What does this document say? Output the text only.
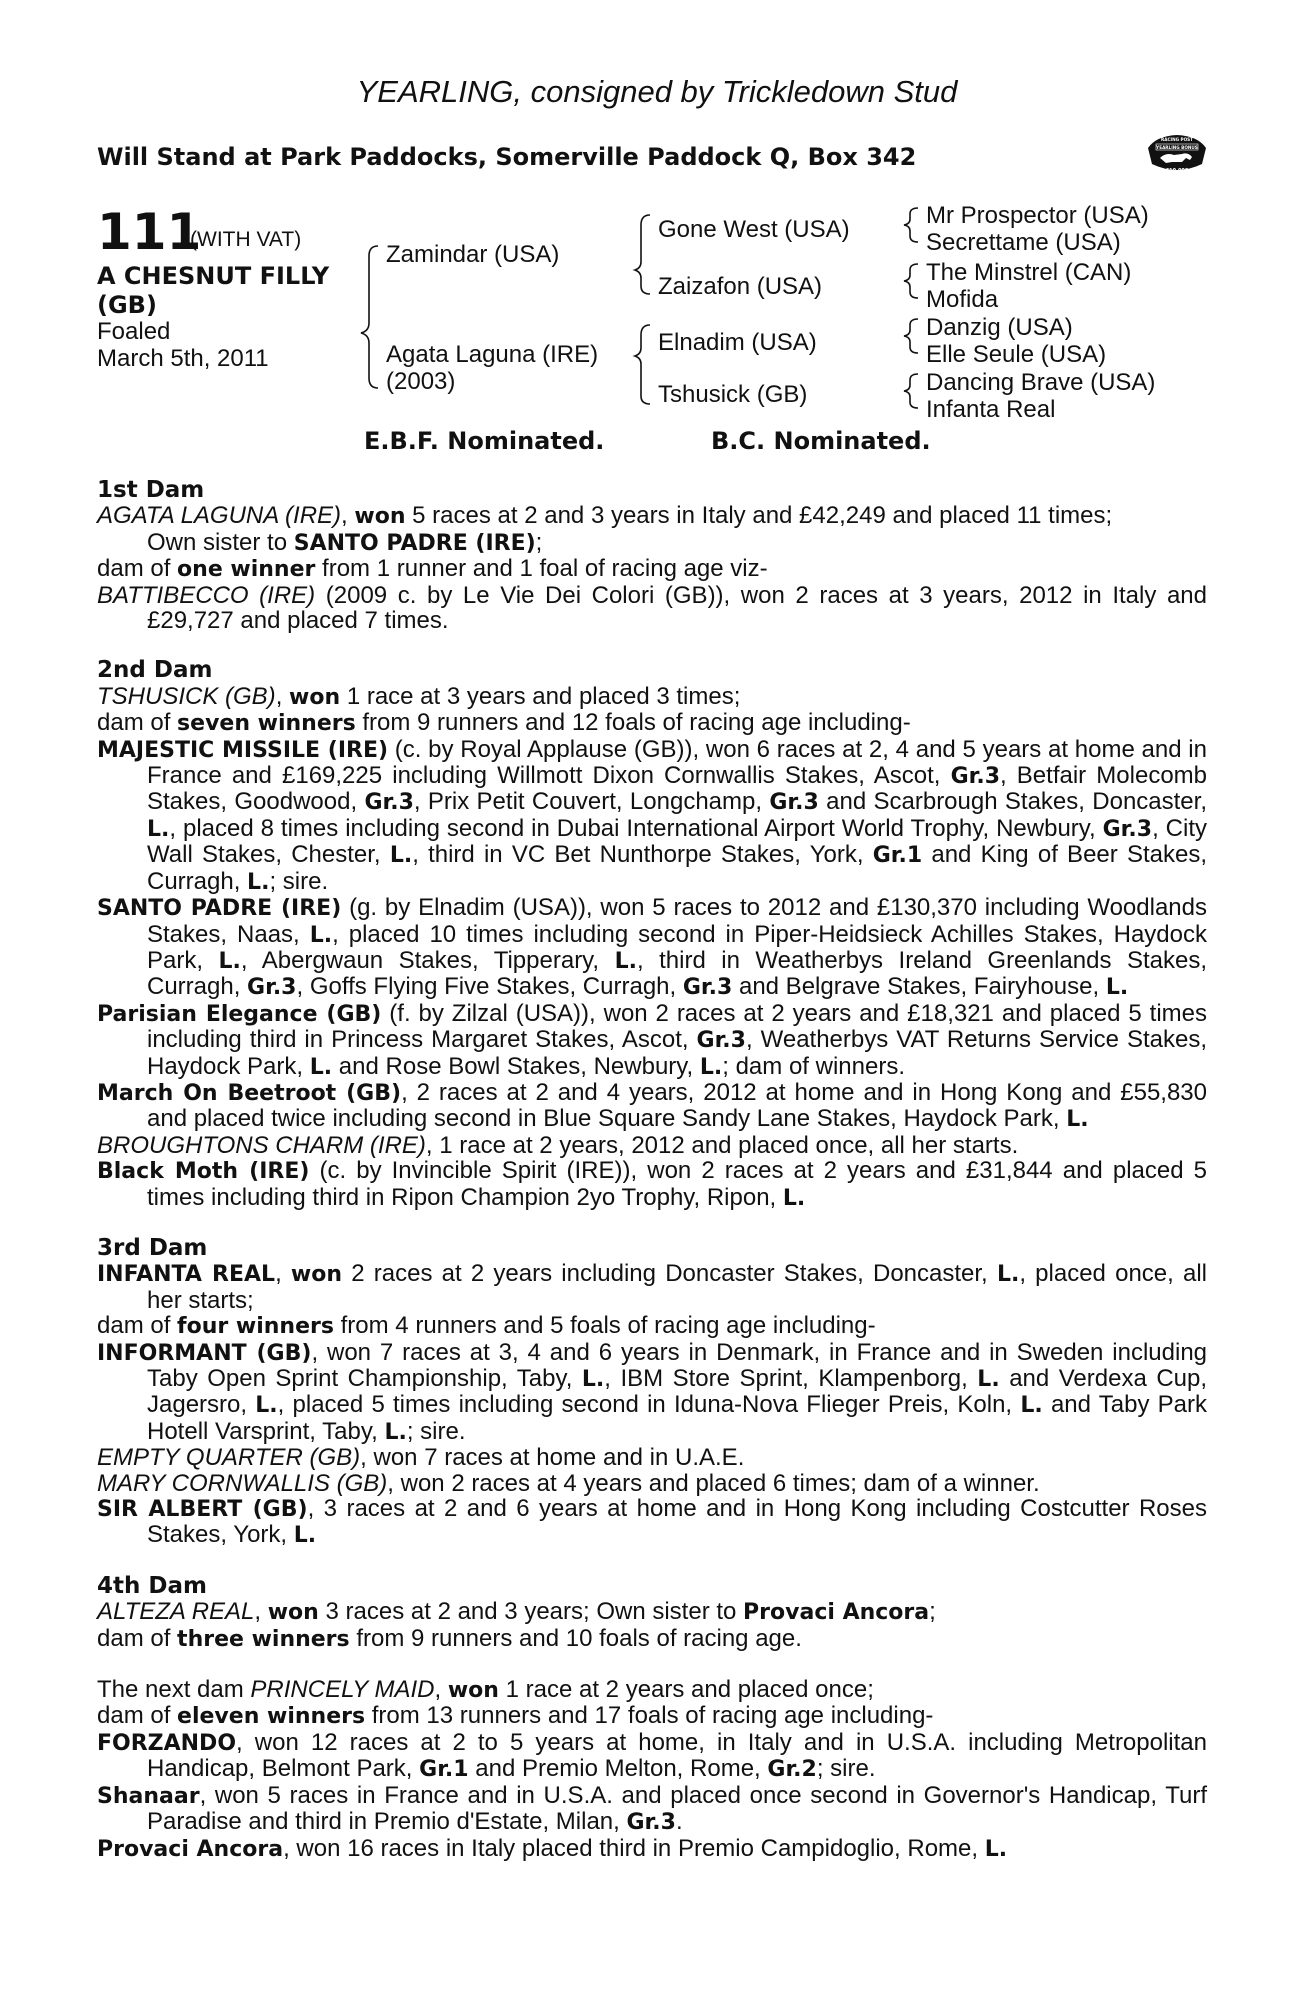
YEARLING, consigned by Trickledown Stud
Will Stand at Park Paddocks, Somerville Paddock Q, Box 342
RACING POST
YEARLING BONUS
£10,000
111
(WITH VAT)
A CHESNUT FILLY
(GB)
Foaled
March 5th, 2011
Zamindar (USA)
Agata Laguna (IRE)
(2003)
Gone West (USA)
Zaizafon (USA)
Elnadim (USA)
Tshusick (GB)
Mr Prospector (USA)
Secrettame (USA)
The Minstrel (CAN)
Mofida
Danzig (USA)
Elle Seule (USA)
Dancing Brave (USA)
Infanta Real
E.B.F. Nominated.	B.C. Nominated.

1st Dam

AGATA LAGUNA (IRE), won 5 races at 2 and 3 years in Italy and £42,249 and placed 11 times;

Own sister to SANTO PADRE (IRE);

dam of one winner from 1 runner and 1 foal of racing age viz-

BATTIBECCO (IRE) (2009 c. by Le Vie Dei Colori (GB)), won 2 races at 3 years, 2012 in Italy and £29,727 and placed 7 times.

2nd Dam

TSHUSICK (GB), won 1 race at 3 years and placed 3 times;

dam of seven winners from 9 runners and 12 foals of racing age including-

MAJESTIC MISSILE (IRE) (c. by Royal Applause (GB)), won 6 races at 2, 4 and 5 years at home and in France and £169,225 including Willmott Dixon Cornwallis Stakes, Ascot, Gr.3, Betfair Molecomb Stakes, Goodwood, Gr.3, Prix Petit Couvert, Longchamp, Gr.3 and Scarbrough Stakes, Doncaster, L., placed 8 times including second in Dubai International Airport World Trophy, Newbury, Gr.3, City Wall Stakes, Chester, L., third in VC Bet Nunthorpe Stakes, York, Gr.1 and King of Beer Stakes, Curragh, L.; sire.

SANTO PADRE (IRE) (g. by Elnadim (USA)), won 5 races to 2012 and £130,370 including Woodlands Stakes, Naas, L., placed 10 times including second in Piper-Heidsieck Achilles Stakes, Haydock Park, L., Abergwaun Stakes, Tipperary, L., third in Weatherbys Ireland Greenlands Stakes, Curragh, Gr.3, Goffs Flying Five Stakes, Curragh, Gr.3 and Belgrave Stakes, Fairyhouse, L.

Parisian Elegance (GB) (f. by Zilzal (USA)), won 2 races at 2 years and £18,321 and placed 5 times including third in Princess Margaret Stakes, Ascot, Gr.3, Weatherbys VAT Returns Service Stakes, Haydock Park, L. and Rose Bowl Stakes, Newbury, L.; dam of winners.

March On Beetroot (GB), 2 races at 2 and 4 years, 2012 at home and in Hong Kong and £55,830 and placed twice including second in Blue Square Sandy Lane Stakes, Haydock Park, L.

BROUGHTONS CHARM (IRE), 1 race at 2 years, 2012 and placed once, all her starts.

Black Moth (IRE) (c. by Invincible Spirit (IRE)), won 2 races at 2 years and £31,844 and placed 5 times including third in Ripon Champion 2yo Trophy, Ripon, L.

3rd Dam

INFANTA REAL, won 2 races at 2 years including Doncaster Stakes, Doncaster, L., placed once, all her starts;

dam of four winners from 4 runners and 5 foals of racing age including-

INFORMANT (GB), won 7 races at 3, 4 and 6 years in Denmark, in France and in Sweden including Taby Open Sprint Championship, Taby, L., IBM Store Sprint, Klampenborg, L. and Verdexa Cup, Jagersro, L., placed 5 times including second in Iduna-Nova Flieger Preis, Koln, L. and Taby Park Hotell Varsprint, Taby, L.; sire.

EMPTY QUARTER (GB), won 7 races at home and in U.A.E.

MARY CORNWALLIS (GB), won 2 races at 4 years and placed 6 times; dam of a winner.

SIR ALBERT (GB), 3 races at 2 and 6 years at home and in Hong Kong including Costcutter Roses Stakes, York, L.

4th Dam

ALTEZA REAL, won 3 races at 2 and 3 years; Own sister to Provaci Ancora;

dam of three winners from 9 runners and 10 foals of racing age.

The next dam PRINCELY MAID, won 1 race at 2 years and placed once;

dam of eleven winners from 13 runners and 17 foals of racing age including-

FORZANDO, won 12 races at 2 to 5 years at home, in Italy and in U.S.A. including Metropolitan Handicap, Belmont Park, Gr.1 and Premio Melton, Rome, Gr.2; sire.

Shanaar, won 5 races in France and in U.S.A. and placed once second in Governor's Handicap, Turf Paradise and third in Premio d'Estate, Milan, Gr.3.

Provaci Ancora, won 16 races in Italy placed third in Premio Campidoglio, Rome, L.
